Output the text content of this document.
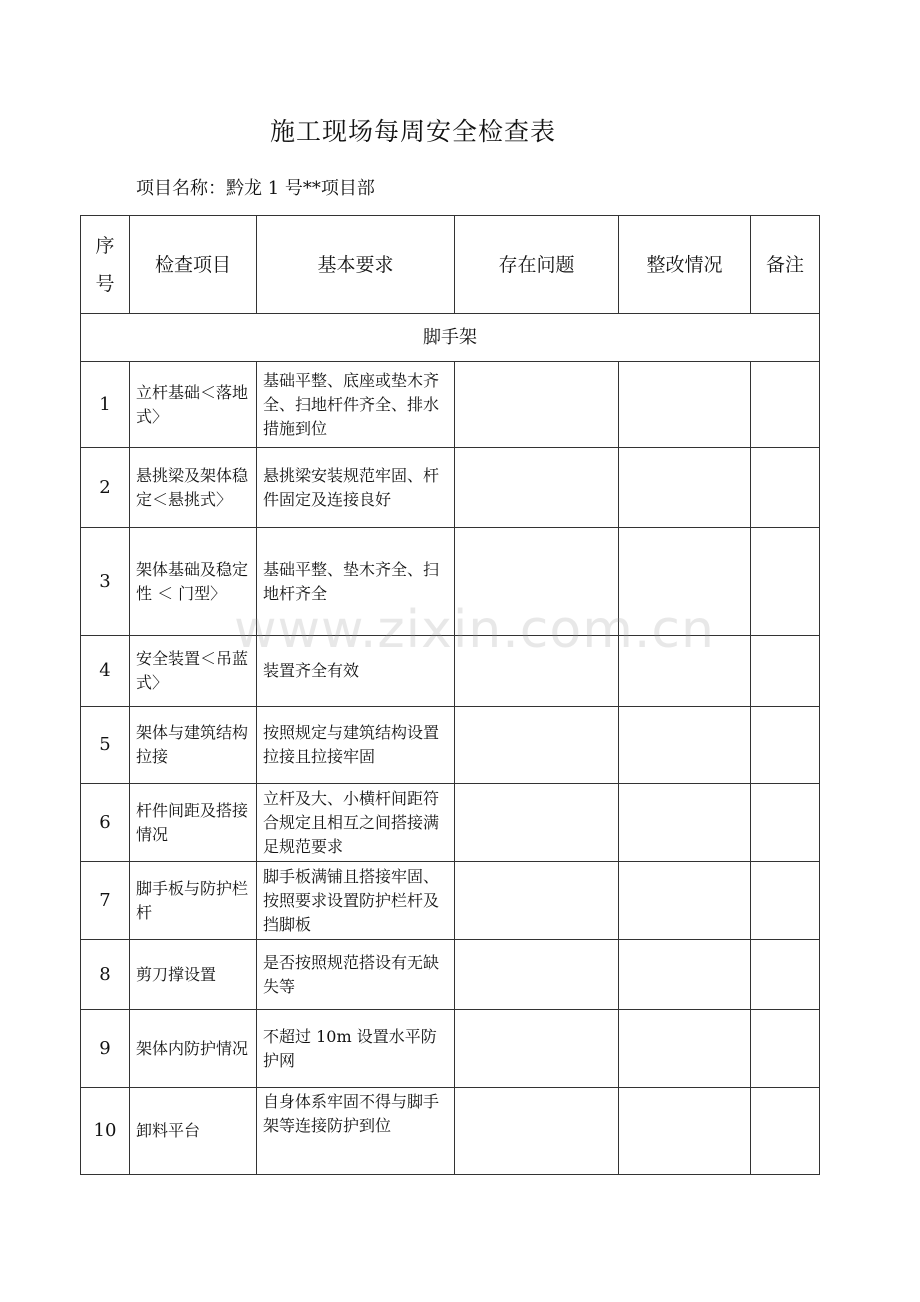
施工现场每周安全检查表
项目名称：黔龙 1 号**项目部
序号	检查项目	基本要求	存在问题	整改情况	备注
脚手架					
1	立杆基础＜落地式〉	基础平整、底座或垫木齐全、扫地杆件齐全、排水措施到位			
2	悬挑梁及架体稳定＜悬挑式〉	悬挑梁安装规范牢固、杆件固定及连接良好			
3	架体基础及稳定性 ＜ 门型〉	基础平整、垫木齐全、扫地杆齐全			
4	安全装置＜吊蓝式〉	装置齐全有效			
5	架体与建筑结构拉接	按照规定与建筑结构设置拉接且拉接牢固			
6	杆件间距及搭接情况	立杆及大、小横杆间距符合规定且相互之间搭接满足规范要求			
7	脚手板与防护栏杆	脚手板满铺且搭接牢固、按照要求设置防护栏杆及挡脚板			
8	剪刀撑设置	是否按照规范搭设有无缺失等			
9	架体内防护情况	不超过 10m 设置水平防护网			
10	卸料平台	自身体系牢固不得与脚手架等连接防护到位			
www.zixin.com.cn
